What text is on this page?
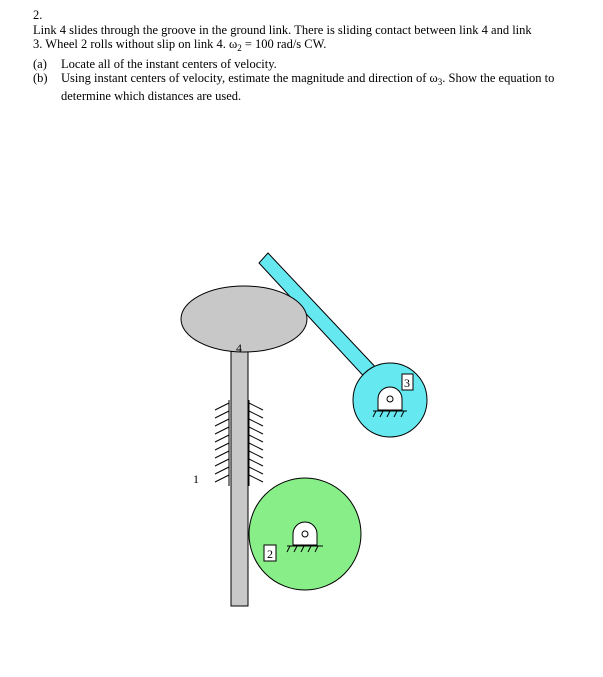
2.

Link 4 slides through the groove in the ground link. There is sliding contact between link 4 and link
3. Wheel 2 rolls without slip on link 4. $\omega_2 = 100$ rad/s CW.

(a)	Locate all of the instant centers of velocity.
(b)	Using instant centers of velocity, estimate the magnitude and direction of $\omega_3$. Show the equation to determine which distances are used.
1
4
2
3
